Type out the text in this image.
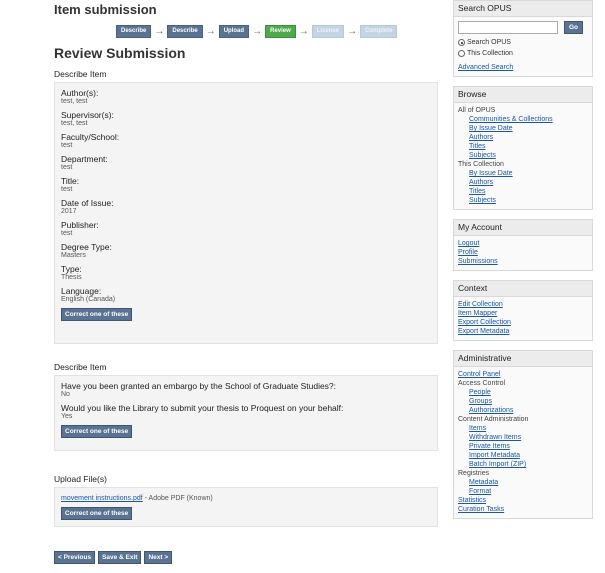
Item submission
Describe →	Describe →	Upload →	Review →	License →	Complete
Review Submission
Describe Item
Author(s):
test, test
Supervisor(s):
test, test
Faculty/School:
test
Department:
test
Title:
test
Date of Issue:
2017
Publisher:
test
Degree Type:
Masters
Type:
Thesis
Language:
English (Canada)
Correct one of these
Describe Item
Have you been granted an embargo by the School of Graduate Studies?:
No
Would you like the Library to submit your thesis to Proquest on your behalf:
Yes
Correct one of these
Upload File(s)
movement instructions.pdf - Adobe PDF (Known)
Correct one of these
< Previous	Save & Exit	Next >
Search OPUS
Go
Search OPUS
This Collection
Advanced Search
Browse
All of OPUS
Communities & Collections
By Issue Date
Authors
Titles
Subjects
This Collection
By Issue Date
Authors
Titles
Subjects
My Account
Logout
Profile
Submissions
Context
Edit Collection
Item Mapper
Export Collection
Export Metadata
Administrative
Control Panel
Access Control
People
Groups
Authorizations
Content Administration
Items
Withdrawn Items
Private Items
Import Metadata
Batch Import (ZIP)
Registries
Metadata
Format
Statistics
Curation Tasks
